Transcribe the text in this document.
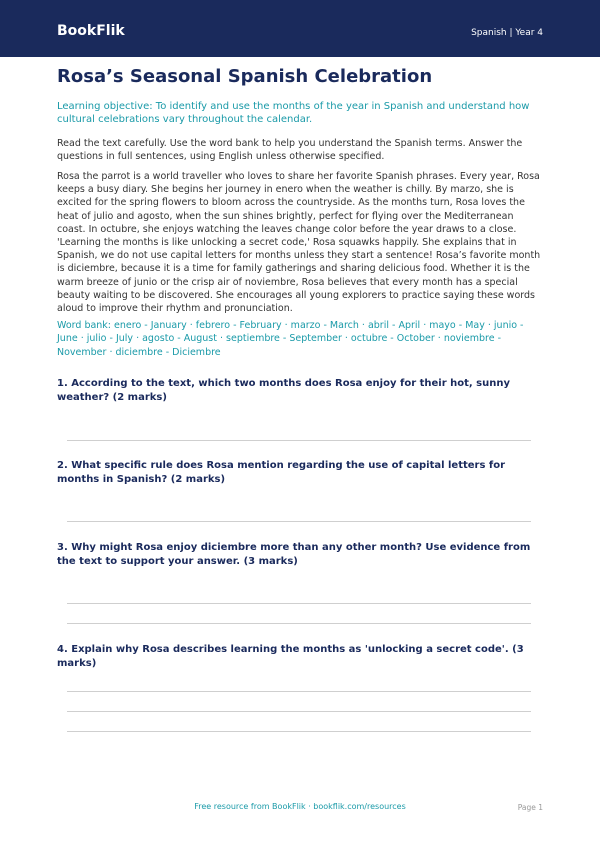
BookFlik	Spanish | Year 4
Rosa’s Seasonal Spanish Celebration
Learning objective: To identify and use the months of the year in Spanish and understand how cultural celebrations vary throughout the calendar.
Read the text carefully. Use the word bank to help you understand the Spanish terms. Answer the questions in full sentences, using English unless otherwise specified.
Rosa the parrot is a world traveller who loves to share her favorite Spanish phrases. Every year, Rosa keeps a busy diary. She begins her journey in enero when the weather is chilly. By marzo, she is excited for the spring flowers to bloom across the countryside. As the months turn, Rosa loves the heat of julio and agosto, when the sun shines brightly, perfect for flying over the Mediterranean coast. In octubre, she enjoys watching the leaves change color before the year draws to a close. 'Learning the months is like unlocking a secret code,' Rosa squawks happily. She explains that in Spanish, we do not use capital letters for months unless they start a sentence! Rosa’s favorite month is diciembre, because it is a time for family gatherings and sharing delicious food. Whether it is the warm breeze of junio or the crisp air of noviembre, Rosa believes that every month has a special beauty waiting to be discovered. She encourages all young explorers to practice saying these words aloud to improve their rhythm and pronunciation.
Word bank: enero - January · febrero - February · marzo - March · abril - April · mayo - May · junio - June · julio - July · agosto - August · septiembre - September · octubre - October · noviembre - November · diciembre - Diciembre
1. According to the text, which two months does Rosa enjoy for their hot, sunny weather? (2 marks)
2. What specific rule does Rosa mention regarding the use of capital letters for months in Spanish? (2 marks)
3. Why might Rosa enjoy diciembre more than any other month? Use evidence from the text to support your answer. (3 marks)
4. Explain why Rosa describes learning the months as 'unlocking a secret code'. (3 marks)
Free resource from BookFlik · bookflik.com/resources	Page 1
